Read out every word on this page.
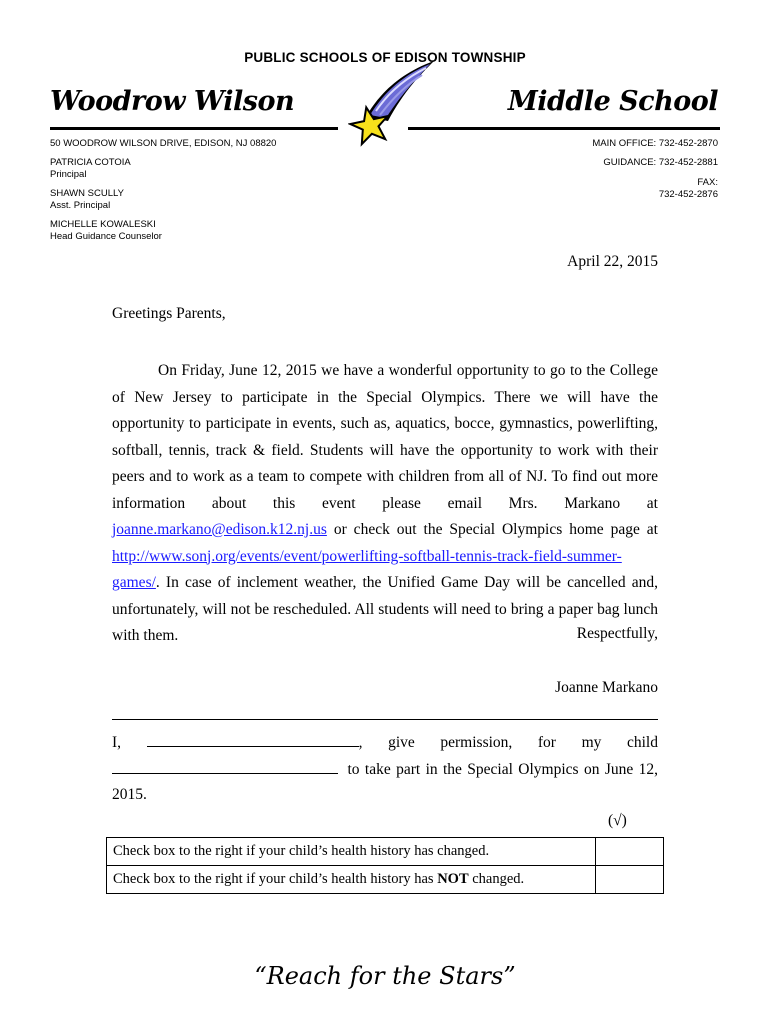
PUBLIC SCHOOLS OF EDISON TOWNSHIP
Woodrow Wilson	Middle School
50 WOODROW WILSON DRIVE, EDISON, NJ 08820
PATRICIA COTOIA
Principal
SHAWN SCULLY
Asst. Principal
MICHELLE KOWALESKI
Head Guidance Counselor
MAIN OFFICE: 732-452-2870
GUIDANCE: 732-452-2881
FAX:
732-452-2876
April 22, 2015
Greetings Parents,
On Friday, June 12, 2015 we have a wonderful opportunity to go to the College of New Jersey to participate in the Special Olympics. There we will have the opportunity to participate in events, such as, aquatics, bocce, gymnastics, powerlifting, softball, tennis, track & field. Students will have the opportunity to work with their peers and to work as a team to compete with children from all of NJ. To find out more information about this event please email Mrs. Markano at joanne.markano@edison.k12.nj.us or check out the Special Olympics home page at http://www.sonj.org/events/event/powerlifting-softball-tennis-track-field-summer-games/. In case of inclement weather, the Unified Game Day will be cancelled and, unfortunately, will not be rescheduled. All students will need to bring a paper bag lunch with them.	Respectfully,
Joanne Markano
I,	, give permission, for my child
to take part in the Special Olympics on June 12,
2015.
(√)
Check box to the right if your child’s health history has changed.	
Check box to the right if your child’s health history has NOT changed.	
“Reach for the Stars”
